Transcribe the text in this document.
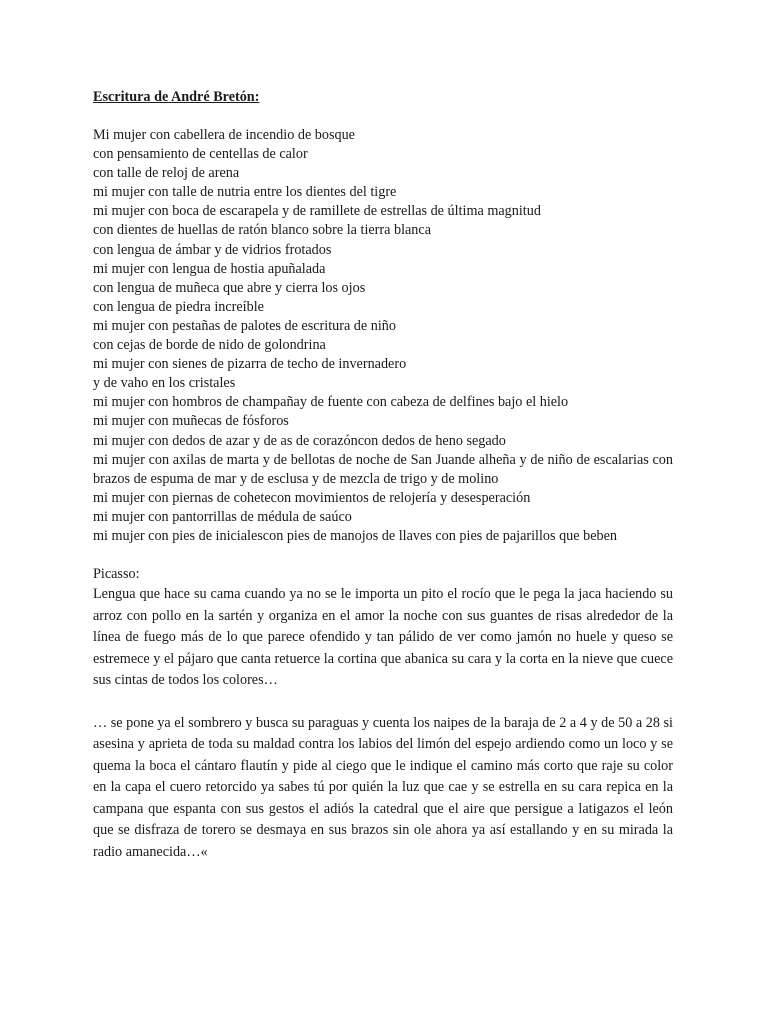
Escritura de André Bretón:
Mi mujer con cabellera de incendio de bosque
con pensamiento de centellas de calor
con talle de reloj de arena
mi mujer con talle de nutria entre los dientes del tigre
mi mujer con boca de escarapela y de ramillete de estrellas de última magnitud
con dientes de huellas de ratón blanco sobre la tierra blanca
con lengua de ámbar y de vidrios frotados
mi mujer con lengua de hostia apuñalada
con lengua de muñeca que abre y cierra los ojos
con lengua de piedra increíble
mi mujer con pestañas de palotes de escritura de niño
con cejas de borde de nido de golondrina
mi mujer con sienes de pizarra de techo de invernadero
y de vaho en los cristales
mi mujer con hombros de champañay de fuente con cabeza de delfines bajo el hielo
mi mujer con muñecas de fósforos
mi mujer con dedos de azar y de as de corazóncon dedos de heno segado
mi mujer con axilas de marta y de bellotas de noche de San Juande alheña y de niño de escalarias con brazos de espuma de mar y de esclusa y de mezcla de trigo y de molino
mi mujer con piernas de cohetecon movimientos de relojería y desesperación
mi mujer con pantorrillas de médula de saúco
mi mujer con pies de inicialescon pies de manojos de llaves con pies de pajarillos que beben
Picasso:

Lengua que hace su cama cuando ya no se le importa un pito el rocío que le pega la jaca haciendo su arroz con pollo en la sartén y organiza en el amor la noche con sus guantes de risas alrededor de la línea de fuego más de lo que parece ofendido y tan pálido de ver como jamón no huele y queso se estremece y el pájaro que canta retuerce la cortina que abanica su cara y la corta en la nieve que cuece sus cintas de todos los colores…

… se pone ya el sombrero y busca su paraguas y cuenta los naipes de la baraja de 2 a 4 y de 50 a 28 si asesina y aprieta de toda su maldad contra los labios del limón del espejo ardiendo como un loco y se quema la boca el cántaro flautín y pide al ciego que le indique el camino más corto que raje su color en la capa el cuero retorcido ya sabes tú por quién la luz que cae y se estrella en su cara repica en la campana que espanta con sus gestos el adiós la catedral que el aire que persigue a latigazos el león que se disfraza de torero se desmaya en sus brazos sin ole ahora ya así estallando y en su mirada la radio amanecida…«
